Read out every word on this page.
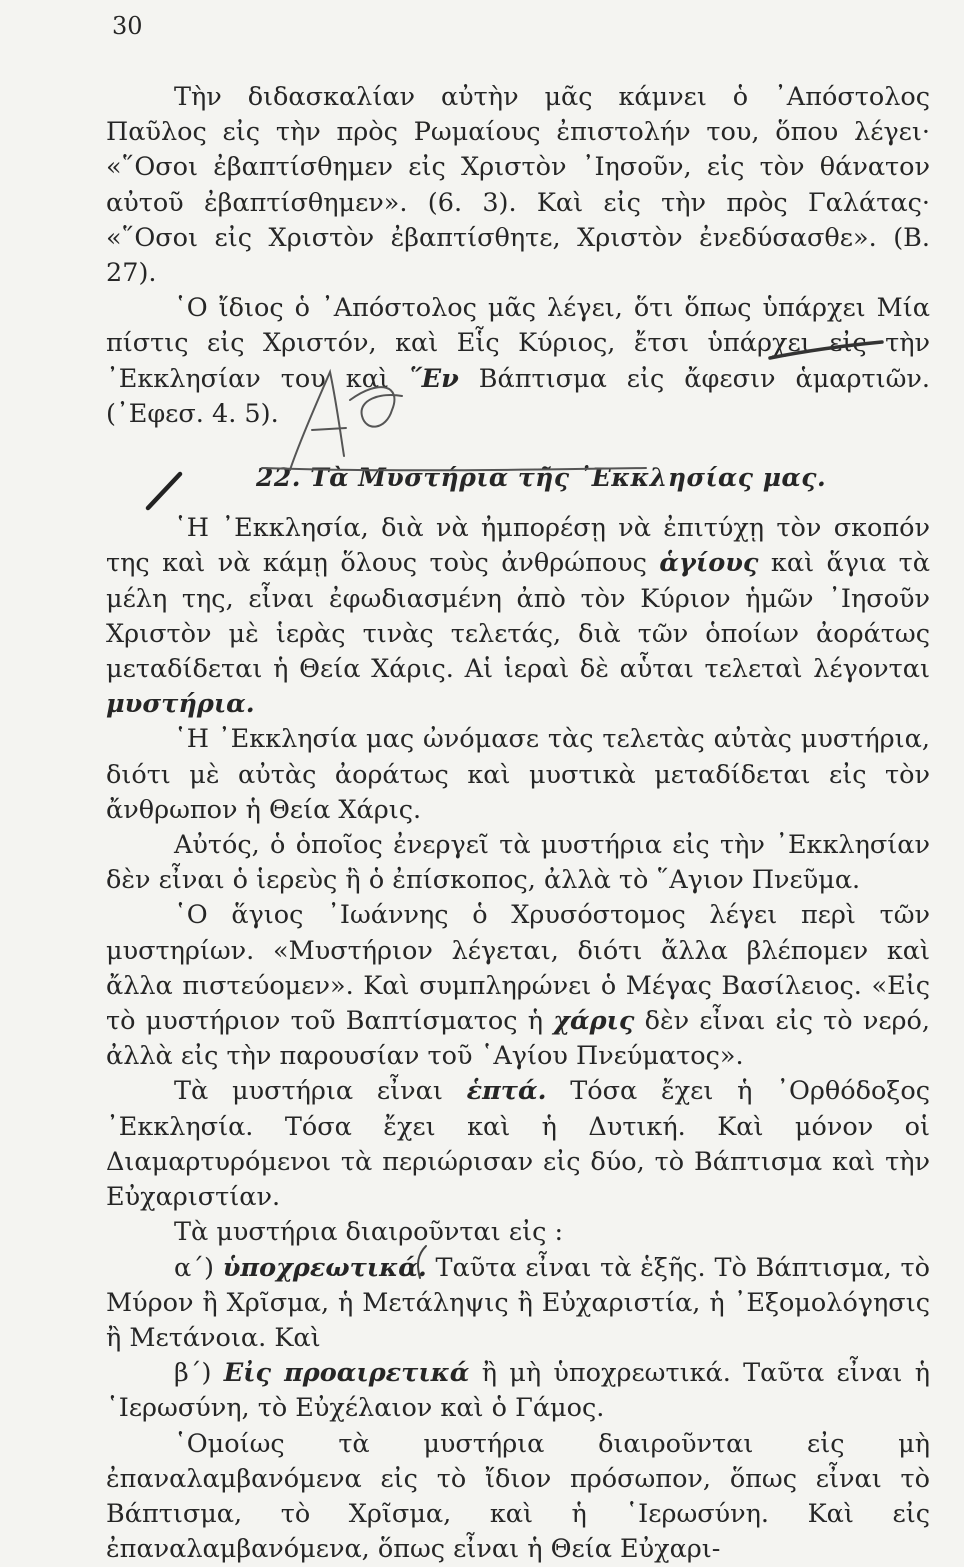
30

Τὴν διδασκαλίαν αὐτὴν μᾶς κάμνει ὁ ᾿Απόστολος Παῦλος εἰς τὴν πρὸς Ρωμαίους ἐπιστολήν του, ὅπου λέγει· «῞Οσοι ἐβαπτίσθημεν εἰς Χριστὸν ᾿Ιησοῦν, εἰς τὸν θάνατον αὐτοῦ ἐβαπτίσθημεν». (6. 3). Καὶ εἰς τὴν πρὸς Γαλάτας· «῞Οσοι εἰς Χριστὸν ἐβαπτίσθητε, Χριστὸν ἐνεδύσασθε». (Β. 27).

῾Ο ἴδιος ὁ ᾿Απόστολος μᾶς λέγει, ὅτι ὅπως ὑπάρχει Μία πίστις εἰς Χριστόν, καὶ Εἷς Κύριος, ἔτσι ὑπάρχει εἰς τὴν ᾿Εκκλησίαν του καὶ ῞Εν Βάπτισμα εἰς ἄφεσιν ἁμαρτιῶν. (᾿Εφεσ. 4. 5).

22. Τὰ Μυστήρια τῆς ᾿Εκκλησίας μας.

῾Η ᾿Εκκλησία, διὰ νὰ ἠμπορέσῃ νὰ ἐπιτύχῃ τὸν σκοπόν της καὶ νὰ κάμῃ ὅλους τοὺς ἀνθρώπους ἁγίους καὶ ἅγια τὰ μέλη της, εἶναι ἐφωδιασμένη ἀπὸ τὸν Κύριον ἡμῶν ᾿Ιησοῦν Χριστὸν μὲ ἱερὰς τινὰς τελετάς, διὰ τῶν ὁποίων ἀοράτως μεταδίδεται ἡ Θεία Χάρις. Αἱ ἱεραὶ δὲ αὗται τελεταὶ λέγονται μυστήρια.

῾Η ᾿Εκκλησία μας ὠνόμασε τὰς τελετὰς αὐτὰς μυστήρια, διότι μὲ αὐτὰς ἀοράτως καὶ μυστικὰ μεταδίδεται εἰς τὸν ἄνθρωπον ἡ Θεία Χάρις.

Αὐτός, ὁ ὁποῖος ἐνεργεῖ τὰ μυστήρια εἰς τὴν ᾿Εκκλησίαν δὲν εἶναι ὁ ἱερεὺς ἢ ὁ ἐπίσκοπος, ἀλλὰ τὸ ῞Αγιον Πνεῦμα.

῾Ο ἅγιος ᾿Ιωάννης ὁ Χρυσόστομος λέγει περὶ τῶν μυστηρίων. «Μυστήριον λέγεται, διότι ἄλλα βλέπομεν καὶ ἄλλα πιστεύομεν». Καὶ συμπληρώνει ὁ Μέγας Βασίλειος. «Εἰς τὸ μυστήριον τοῦ Βαπτίσματος ἡ χάρις δὲν εἶναι εἰς τὸ νερό, ἀλλὰ εἰς τὴν παρουσίαν τοῦ ῾Αγίου Πνεύματος».

Τὰ μυστήρια εἶναι ἑπτά. Τόσα ἔχει ἡ ᾿Ορθόδοξος ᾿Εκκλησία. Τόσα ἔχει καὶ ἡ Δυτική. Καὶ μόνον οἱ Διαμαρτυρόμενοι τὰ περιώρισαν εἰς δύο, τὸ Βάπτισμα καὶ τὴν Εὐχαριστίαν.

Τὰ μυστήρια διαιροῦνται εἰς :

α΄) ὑποχρεωτικά. Ταῦτα εἶναι τὰ ἑξῆς. Τὸ Βάπτισμα, τὸ Μύρον ἢ Χρῖσμα, ἡ Μετάληψις ἢ Εὐχαριστία, ἡ ᾿Εξομολόγησις ἢ Μετάνοια. Καὶ

β΄) Εἰς προαιρετικά ἢ μὴ ὑποχρεωτικά. Ταῦτα εἶναι ἡ ῾Ιερωσύνη, τὸ Εὐχέλαιον καὶ ὁ Γάμος.

῾Ομοίως τὰ μυστήρια διαιροῦνται εἰς μὴ ἐπαναλαμβανόμενα εἰς τὸ ἴδιον πρόσωπον, ὅπως εἶναι τὸ Βάπτισμα, τὸ Χρῖσμα, καὶ ἡ ῾Ιερωσύνη. Καὶ εἰς ἐπαναλαμβανόμενα, ὅπως εἶναι ἡ Θεία Εὐχαρι-
